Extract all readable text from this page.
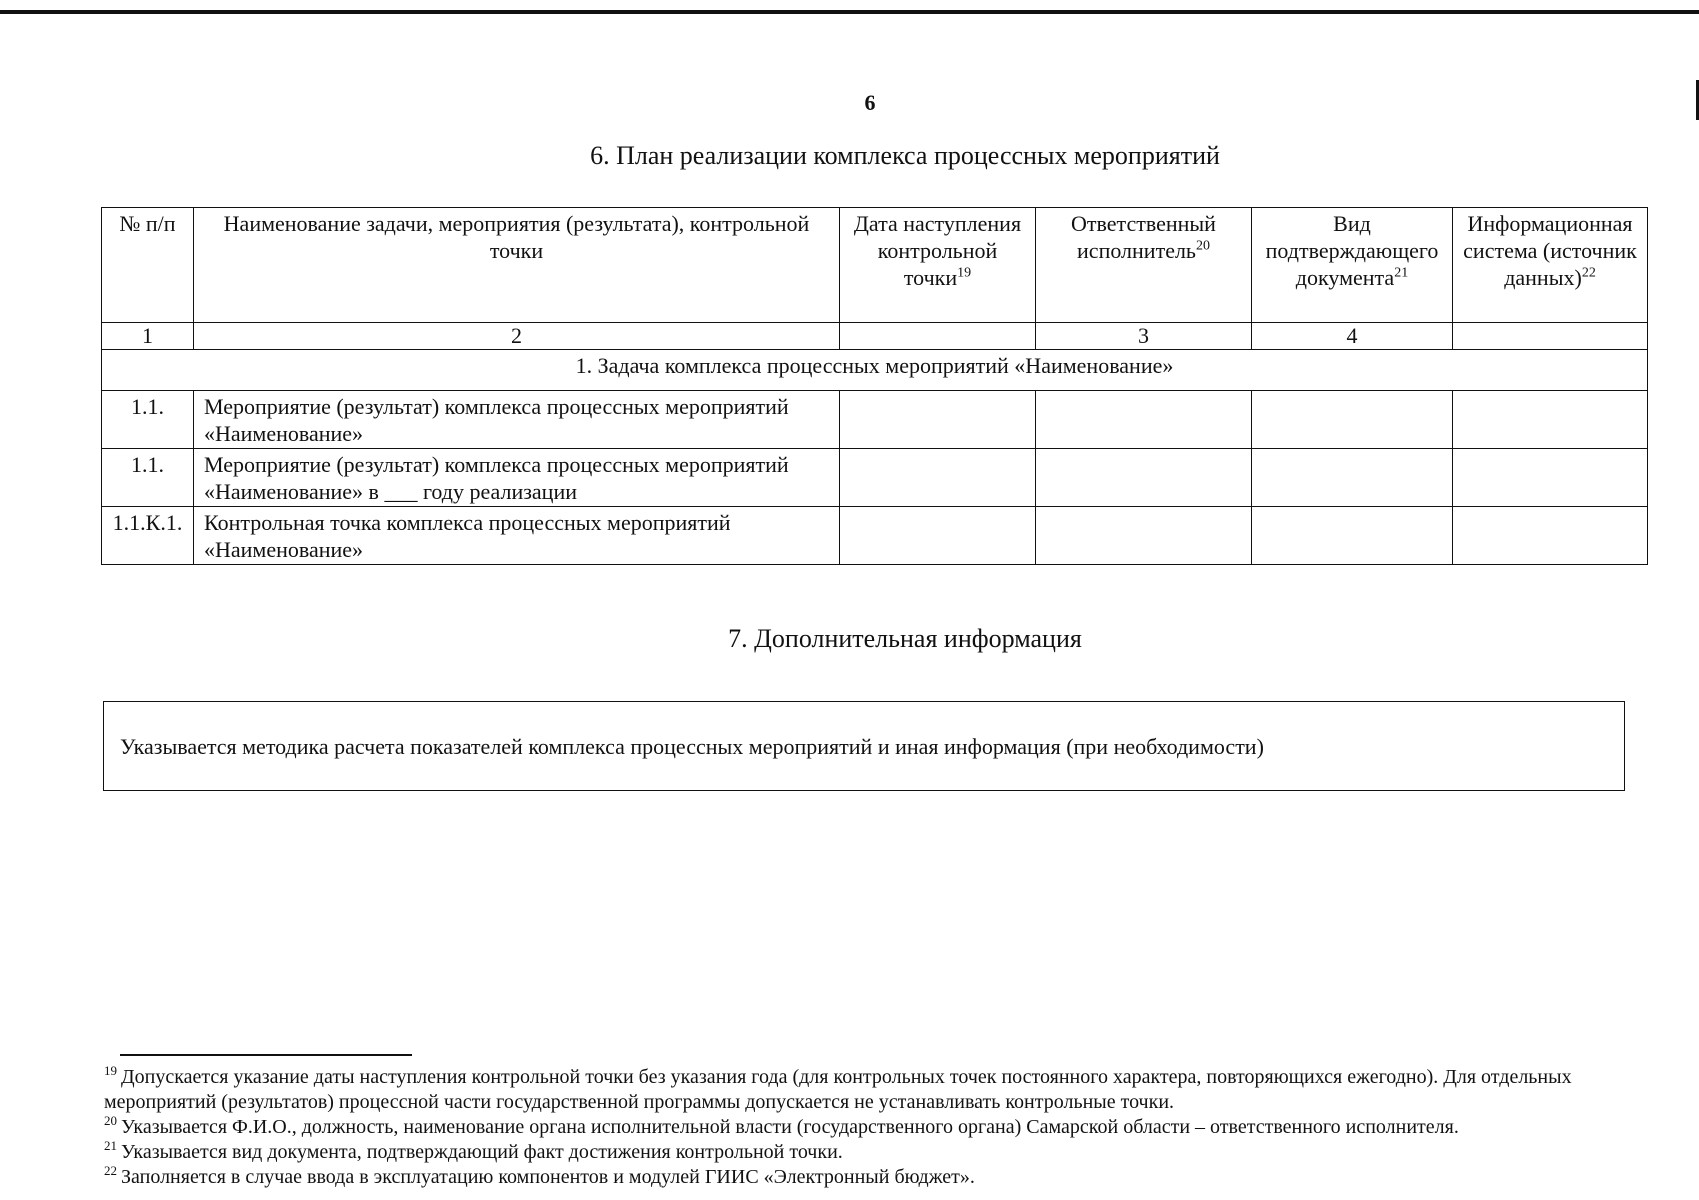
6
6. План реализации комплекса процессных мероприятий
№ п/п	Наименование задачи, мероприятия (результата), контрольной точки	Дата наступления контрольной точки$^{19}$	Ответственный исполнитель$^{20}$	Вид подтверждающего документа$^{21}$	Информационная система (источник данных)$^{22}$
1	2		3	4	
1. Задача комплекса процессных мероприятий «Наименование»					
1.1.	Мероприятие (результат) комплекса процессных мероприятий «Наименование»				
1.1.	Мероприятие (результат) комплекса процессных мероприятий «Наименование» в ___ году реализации				
1.1.К.1.	Контрольная точка комплекса процессных мероприятий «Наименование»				
7. Дополнительная информация
Указывается методика расчета показателей комплекса процессных мероприятий и иная информация (при необходимости)

$^{19}$ Допускается указание даты наступления контрольной точки без указания года (для контрольных точек постоянного характера, повторяющихся ежегодно). Для отдельных мероприятий (результатов) процессной части государственной программы допускается не устанавливать контрольные точки.

$^{20}$ Указывается Ф.И.О., должность, наименование органа исполнительной власти (государственного органа) Самарской области – ответственного исполнителя.

$^{21}$ Указывается вид документа, подтверждающий факт достижения контрольной точки.

$^{22}$ Заполняется в случае ввода в эксплуатацию компонентов и модулей ГИИС «Электронный бюджет».
